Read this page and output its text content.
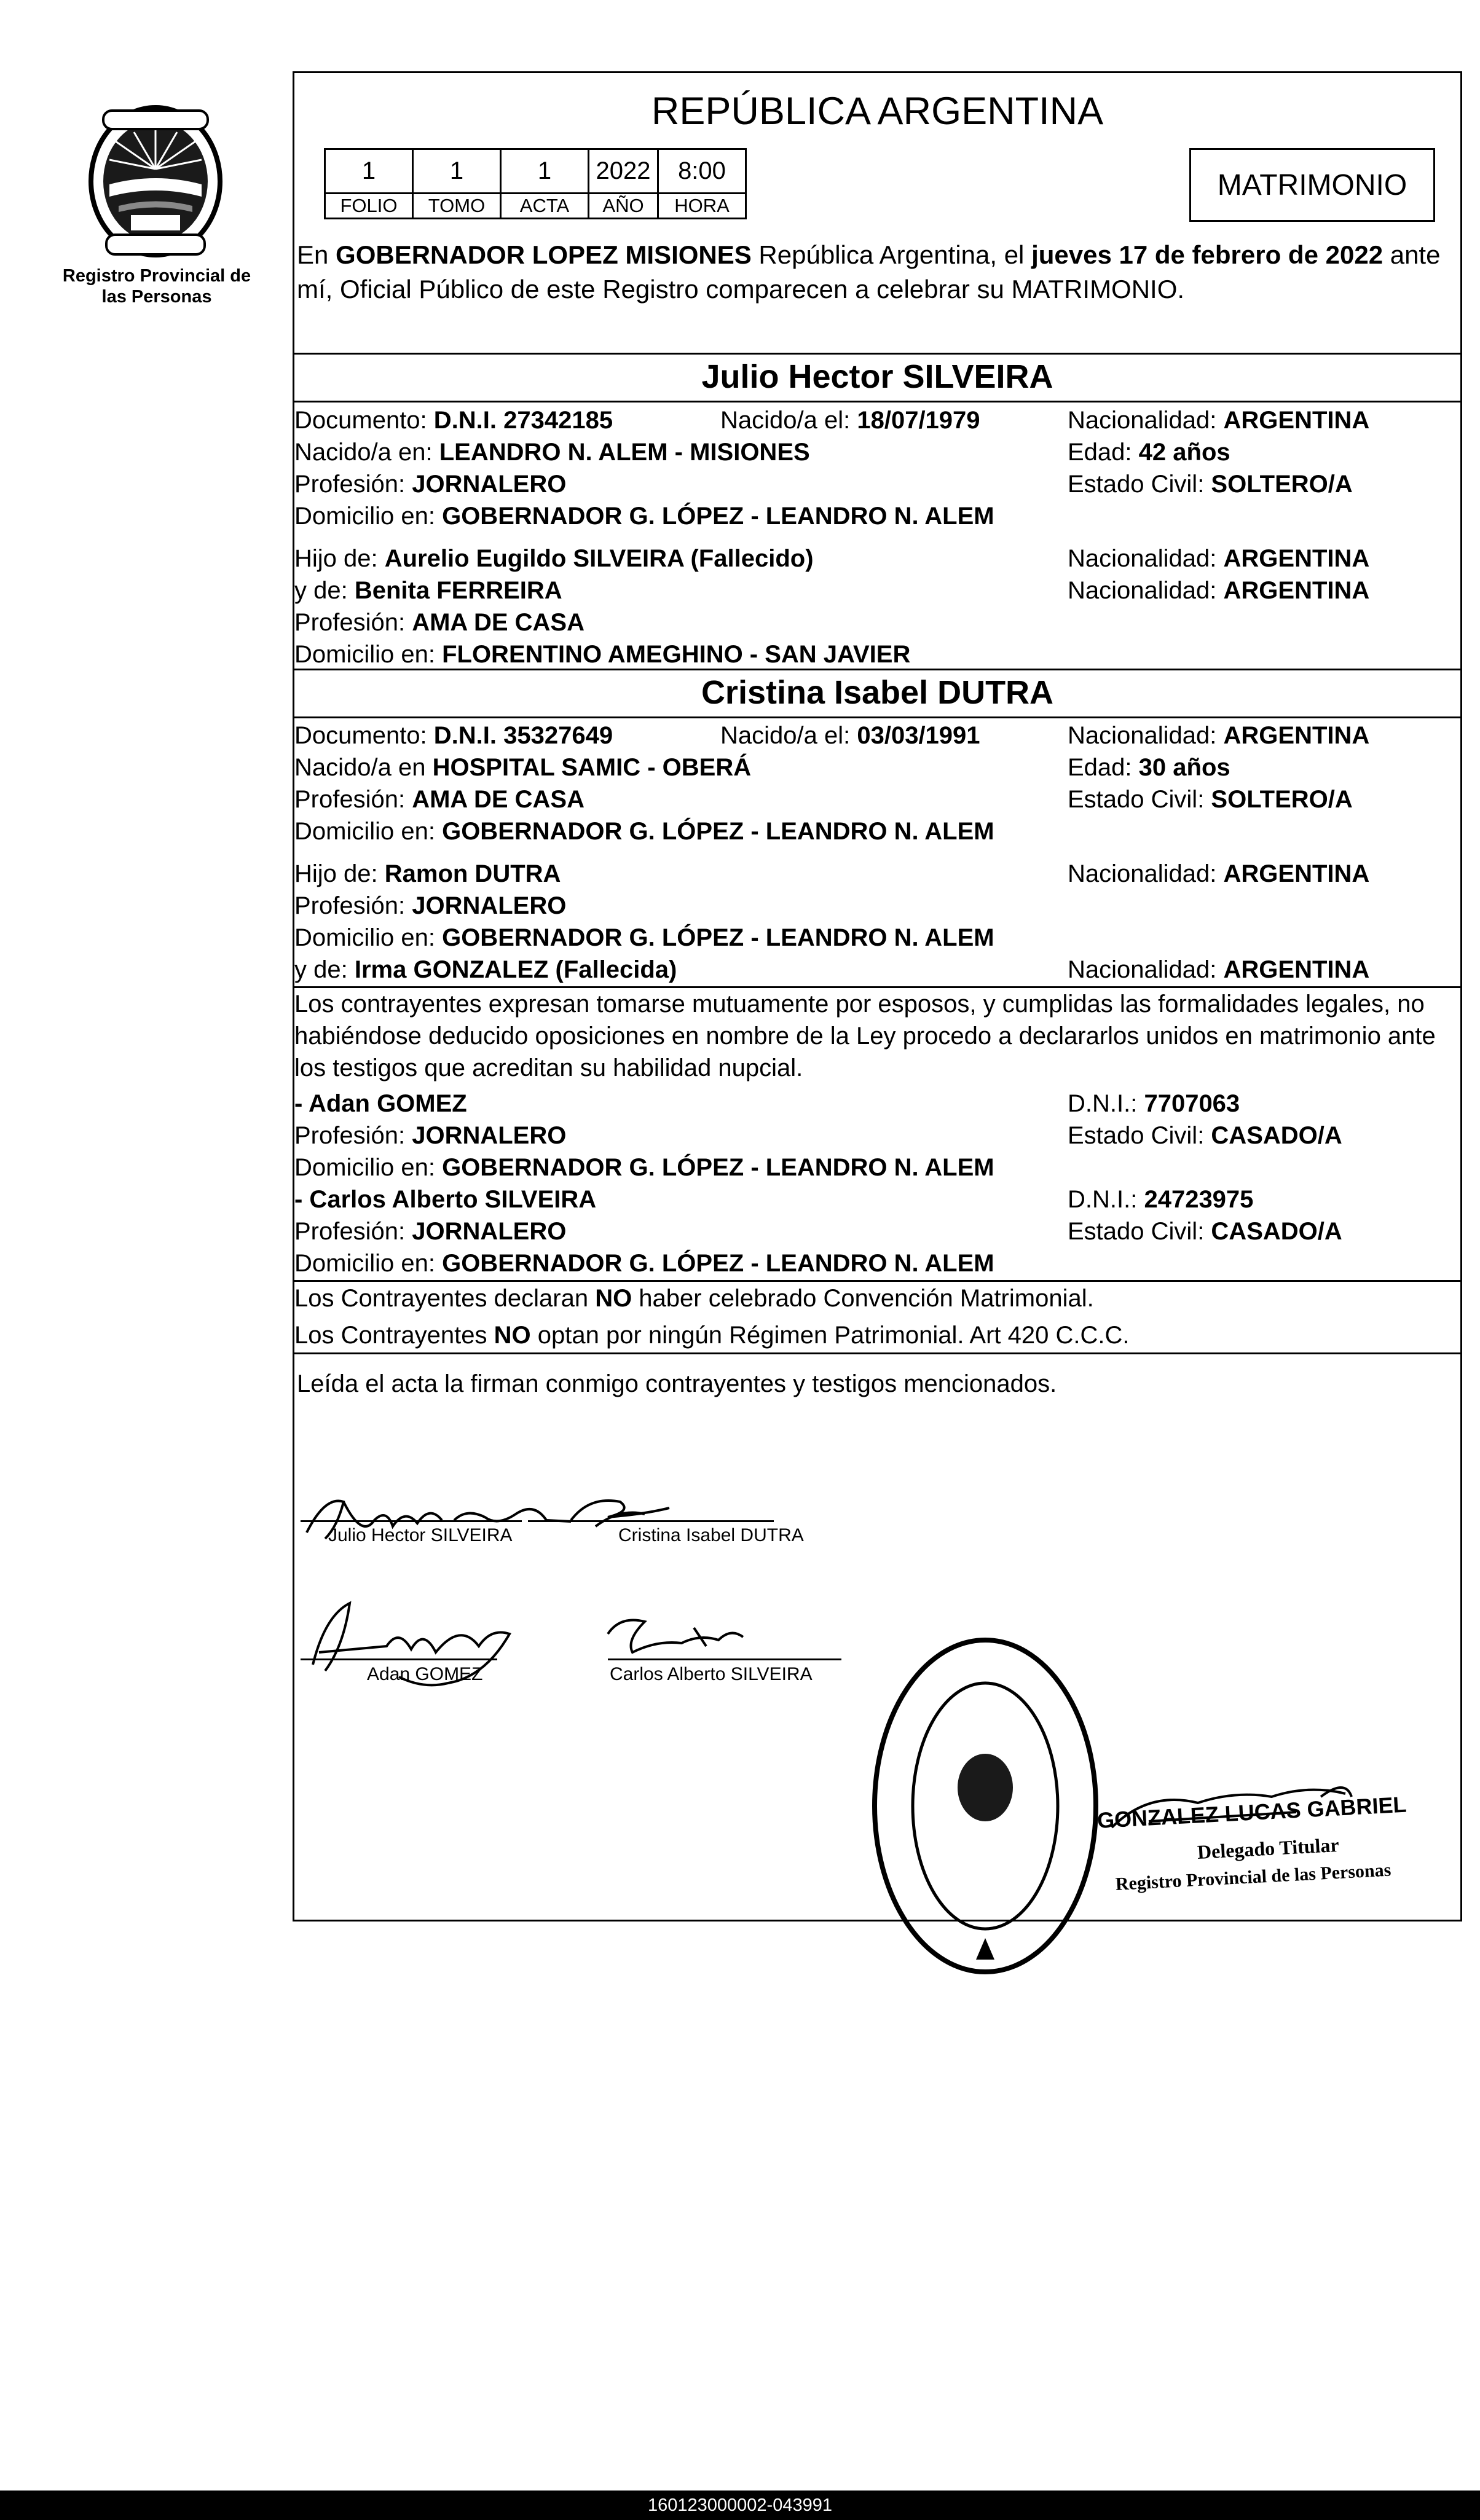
Registro Provincial de las Personas
REPÚBLICA ARGENTINA
1	1	1	2022	8:00
FOLIO	TOMO	ACTA	AÑO	HORA
MATRIMONIO
En GOBERNADOR LOPEZ MISIONES República Argentina, el jueves 17 de febrero de 2022 ante mí, Oficial Público de este Registro comparecen a celebrar su MATRIMONIO.
Julio Hector SILVEIRA
Documento: D.N.I. 27342185	Nacido/a el: 18/07/1979	Nacionalidad: ARGENTINA
Nacido/a en: LEANDRO N. ALEM - MISIONES	Edad: 42 años
Profesión: JORNALERO	Estado Civil: SOLTERO/A
Domicilio en: GOBERNADOR G. LÓPEZ - LEANDRO N. ALEM
Hijo de: Aurelio Eugildo SILVEIRA (Fallecido)	Nacionalidad: ARGENTINA
y de: Benita FERREIRA	Nacionalidad: ARGENTINA
Profesión: AMA DE CASA
Domicilio en: FLORENTINO AMEGHINO - SAN JAVIER
Cristina Isabel DUTRA
Documento: D.N.I. 35327649	Nacido/a el: 03/03/1991	Nacionalidad: ARGENTINA
Nacido/a en HOSPITAL SAMIC - OBERÁ	Edad: 30 años
Profesión: AMA DE CASA	Estado Civil: SOLTERO/A
Domicilio en: GOBERNADOR G. LÓPEZ - LEANDRO N. ALEM
Hijo de: Ramon DUTRA	Nacionalidad: ARGENTINA
Profesión: JORNALERO
Domicilio en: GOBERNADOR G. LÓPEZ - LEANDRO N. ALEM
y de: Irma GONZALEZ (Fallecida)	Nacionalidad: ARGENTINA
Los contrayentes expresan tomarse mutuamente por esposos, y cumplidas las formalidades legales, no
habiéndose deducido oposiciones en nombre de la Ley procedo a declararlos unidos en matrimonio ante
los testigos que acreditan su habilidad nupcial.
- Adan GOMEZ	D.N.I.: 7707063
Profesión: JORNALERO	Estado Civil: CASADO/A
Domicilio en: GOBERNADOR G. LÓPEZ - LEANDRO N. ALEM
- Carlos Alberto SILVEIRA	D.N.I.: 24723975
Profesión: JORNALERO	Estado Civil: CASADO/A
Domicilio en: GOBERNADOR G. LÓPEZ - LEANDRO N. ALEM
Los Contrayentes declaran NO haber celebrado Convención Matrimonial.
Los Contrayentes NO optan por ningún Régimen Patrimonial. Art 420 C.C.C.
Leída el acta la firman conmigo contrayentes y testigos mencionados.
Julio Hector SILVEIRA	Cristina Isabel DUTRA
Adan GOMEZ	Carlos Alberto SILVEIRA
GONZALEZ LUCAS GABRIEL
Delegado Titular
Registro Provincial de las Personas
160123000002-043991
